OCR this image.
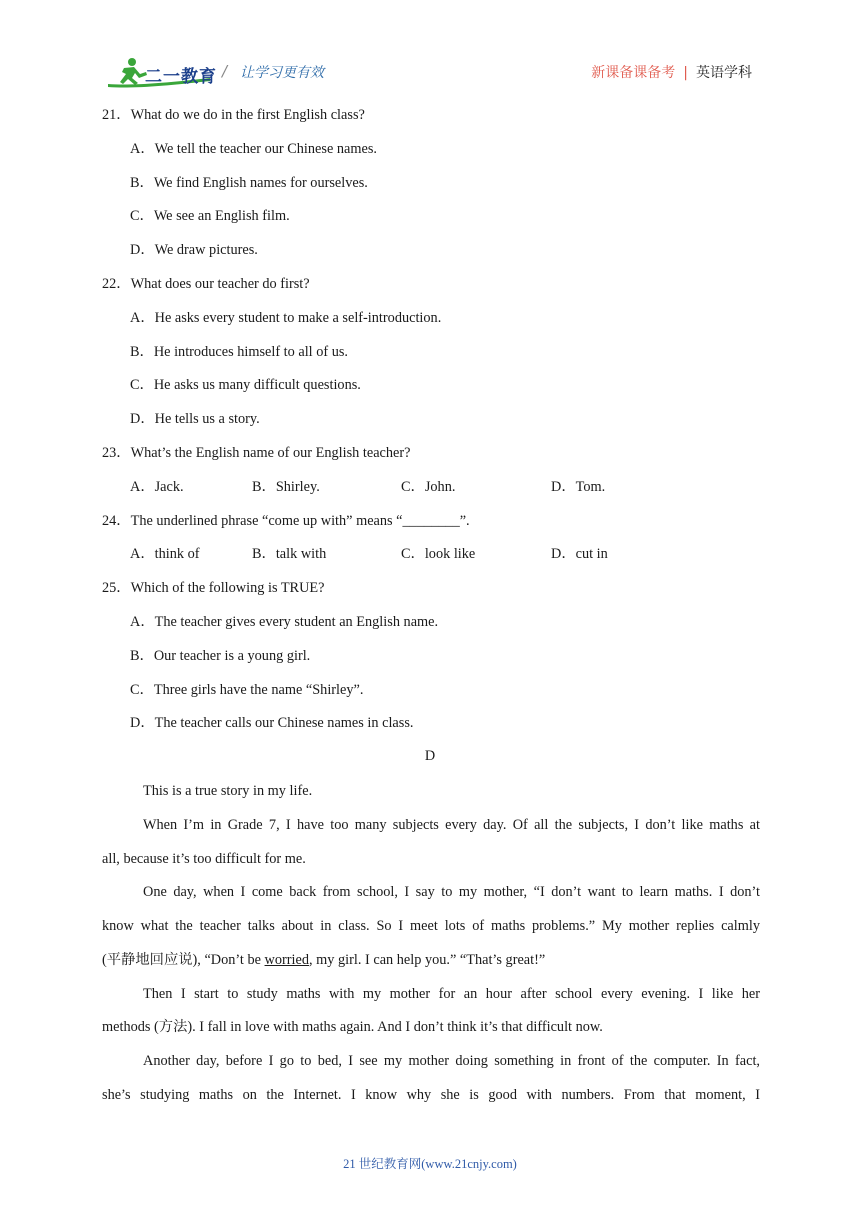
二一教育 / 让学习更有效	新课备课备考 | 英语学科
21．What do we do in the first English class?
A．We tell the teacher our Chinese names.
B．We find English names for ourselves.
C．We see an English film.
D．We draw pictures.
22．What does our teacher do first?
A．He asks every student to make a self-introduction.
B．He introduces himself to all of us.
C．He asks us many difficult questions.
D．He tells us a story.
23．What’s the English name of our English teacher?
A．Jack.	B．Shirley.	C．John.	D．Tom.
24．The underlined phrase “come up with” means “________”.
A．think of	B．talk with	C．look like	D．cut in
25．Which of the following is TRUE?
A．The teacher gives every student an English name.
B．Our teacher is a young girl.
C．Three girls have the name “Shirley”.
D．The teacher calls our Chinese names in class.
D
This is a true story in my life.
When I’m in Grade 7, I have too many subjects every day. Of all the subjects, I don’t like maths at
all, because it’s too difficult for me.
One day, when I come back from school, I say to my mother, “I don’t want to learn maths. I don’t
know what the teacher talks about in class. So I meet lots of maths problems.” My mother replies calmly
(平静地回应说), “Don’t be worried, my girl. I can help you.” “That’s great!”
Then I start to study maths with my mother for an hour after school every evening. I like her
methods (方法). I fall in love with maths again. And I don’t think it’s that difficult now.
Another day, before I go to bed, I see my mother doing something in front of the computer. In fact,
she’s studying maths on the Internet. I know why she is good with numbers. From that moment, I
21 世纪教育网(www.21cnjy.com)
